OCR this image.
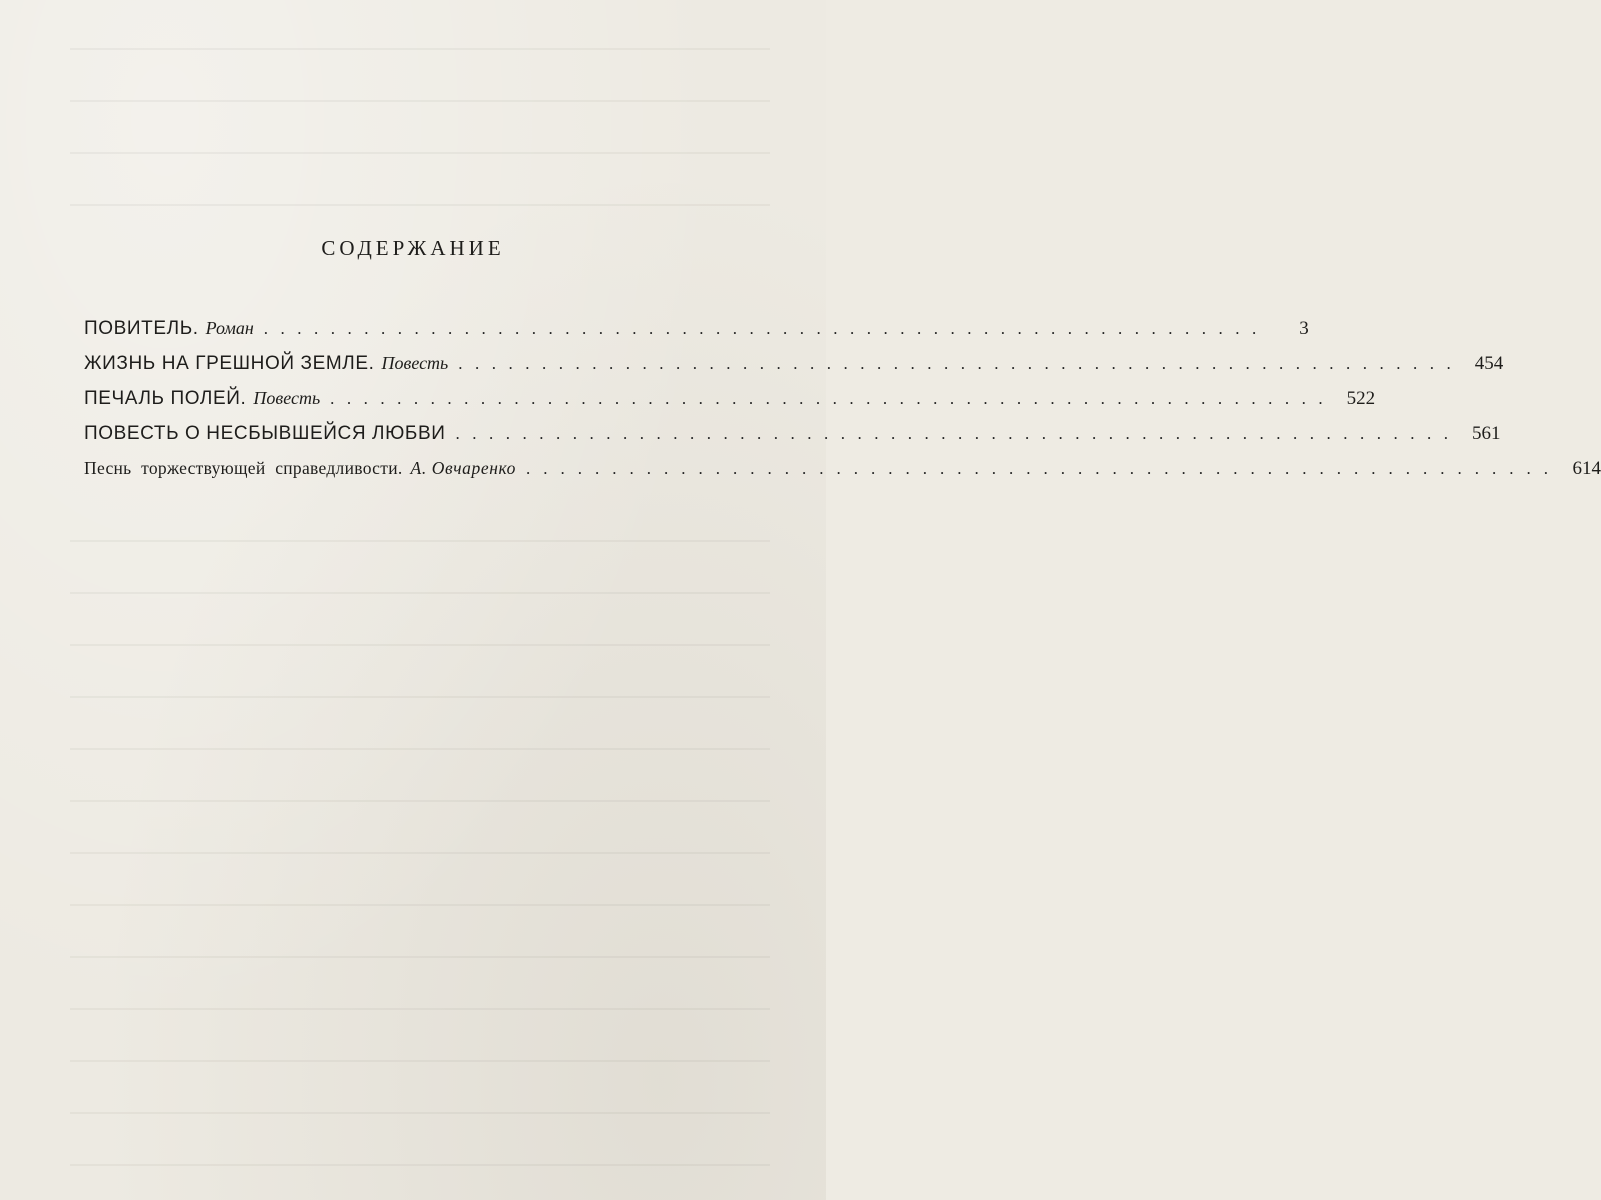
СОДЕРЖАНИЕ
ПОВИТЕЛЬ. Роман ............................................................	3
ЖИЗНЬ НА ГРЕШНОЙ ЗЕМЛЕ. Повесть ............................................................ 454
ПЕЧАЛЬ ПОЛЕЙ. Повесть ............................................................ 522
ПОВЕСТЬ О НЕСБЫВШЕЙСЯ ЛЮБВИ ............................................................ 561
Песнь торжествующей справедливости. А. Овчаренко ............................................................ 614
